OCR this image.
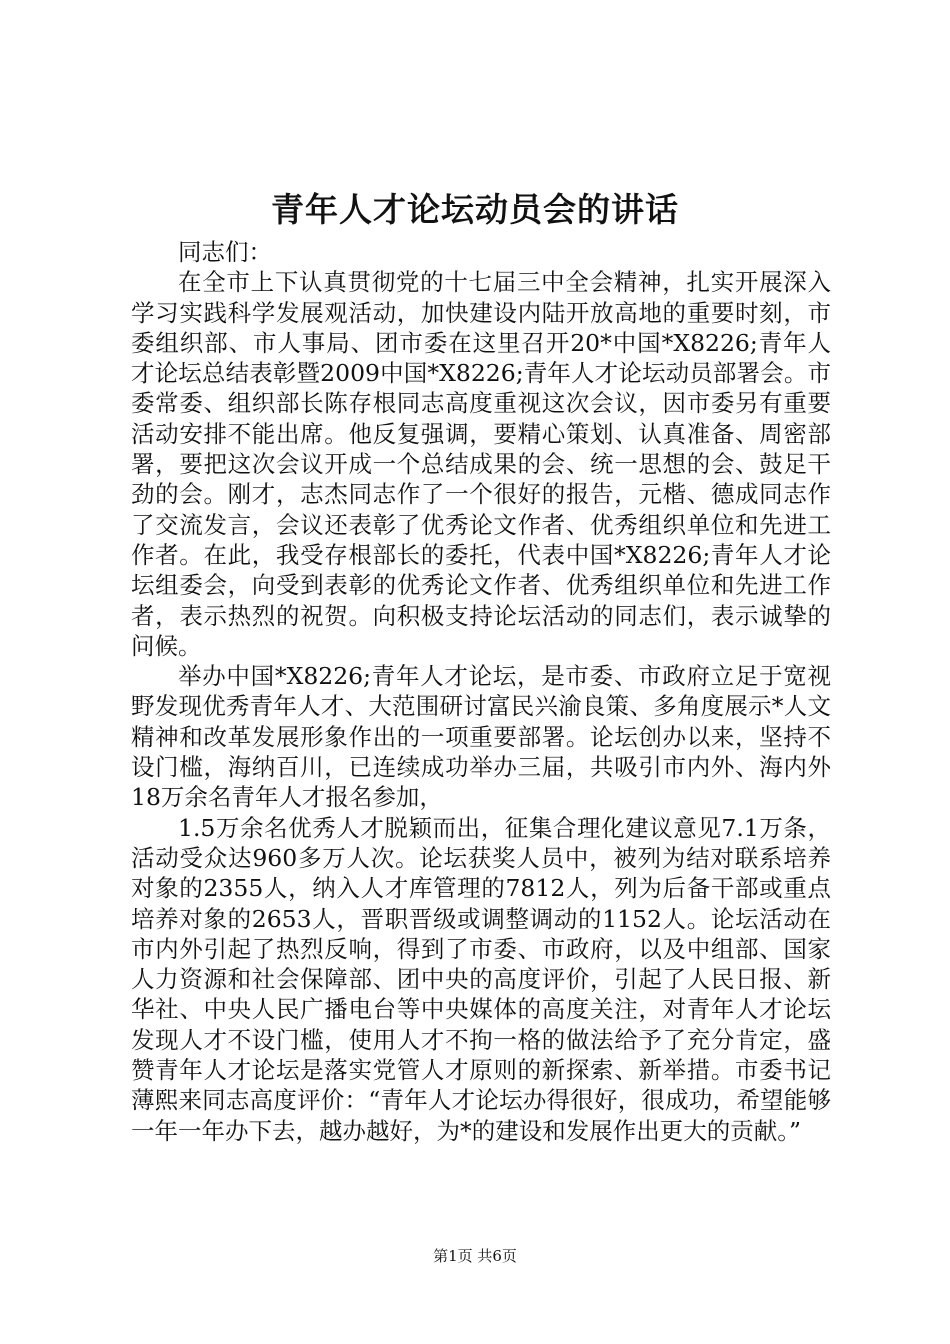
青年人才论坛动员会的讲话

同志们：

在全市上下认真贯彻党的十七届三中全会精神，扎实开展深入学习实践科学发展观活动，加快建设内陆开放高地的重要时刻，市委组织部、市人事局、团市委在这里召开20*中国*X8226;青年人才论坛总结表彰暨2009中国*X8226;青年人才论坛动员部署会。市委常委、组织部长陈存根同志高度重视这次会议，因市委另有重要活动安排不能出席。他反复强调，要精心策划、认真准备、周密部署，要把这次会议开成一个总结成果的会、统一思想的会、鼓足干劲的会。刚才，志杰同志作了一个很好的报告，元楷、德成同志作了交流发言，会议还表彰了优秀论文作者、优秀组织单位和先进工作者。在此，我受存根部长的委托，代表中国*X8226;青年人才论坛组委会，向受到表彰的优秀论文作者、优秀组织单位和先进工作者，表示热烈的祝贺。向积极支持论坛活动的同志们，表示诚挚的问候。

举办中国*X8226;青年人才论坛，是市委、市政府立足于宽视野发现优秀青年人才、大范围研讨富民兴渝良策、多角度展示*人文精神和改革发展形象作出的一项重要部署。论坛创办以来，坚持不设门槛，海纳百川，已连续成功举办三届，共吸引市内外、海内外18万余名青年人才报名参加，

1.5万余名优秀人才脱颖而出，征集合理化建议意见7.1万条，活动受众达960多万人次。论坛获奖人员中，被列为结对联系培养对象的2355人，纳入人才库管理的7812人，列为后备干部或重点培养对象的2653人，晋职晋级或调整调动的1152人。论坛活动在市内外引起了热烈反响，得到了市委、市政府，以及中组部、国家人力资源和社会保障部、团中央的高度评价，引起了人民日报、新华社、中央人民广播电台等中央媒体的高度关注，对青年人才论坛发现人才不设门槛，使用人才不拘一格的做法给予了充分肯定，盛赞青年人才论坛是落实党管人才原则的新探索、新举措。市委书记薄熙来同志高度评价：“青年人才论坛办得很好，很成功，希望能够一年一年办下去，越办越好，为*的建设和发展作出更大的贡献。”

第1页 共6页
